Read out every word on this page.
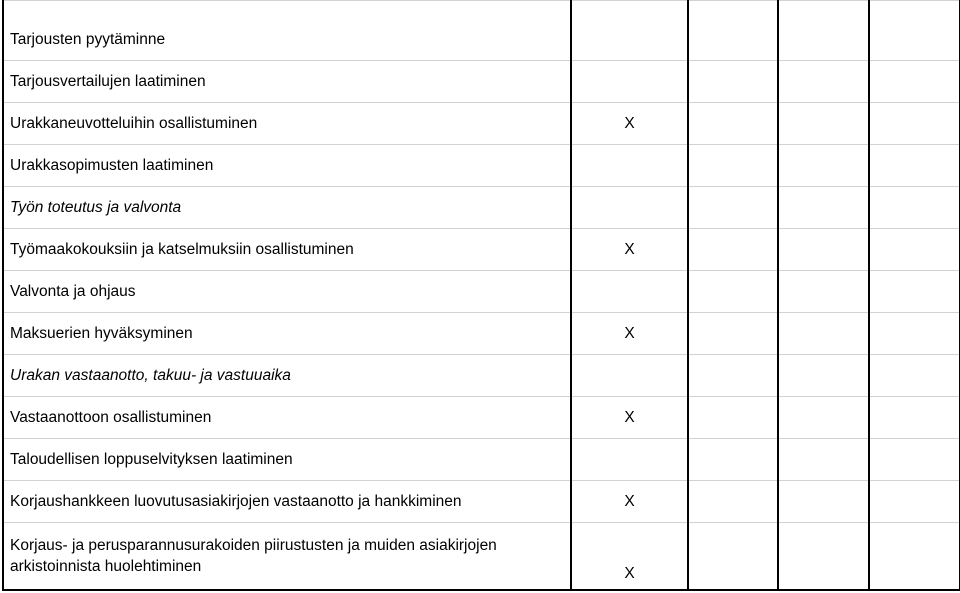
Tarjousten pyytäminne				
Tarjousvertailujen laatiminen				
Urakkaneuvotteluihin osallistuminen	X			
Urakkasopimusten laatiminen				
Työn toteutus ja valvonta				
Työmaakokouksiin ja katselmuksiin osallistuminen	X			
Valvonta ja ohjaus				
Maksuerien hyväksyminen	X			
Urakan vastaanotto, takuu- ja vastuuaika				
Vastaanottoon osallistuminen	X			
Taloudellisen loppuselvityksen laatiminen				
Korjaushankkeen luovutusasiakirjojen vastaanotto ja hankkiminen	X			
Korjaus- ja perusparannusurakoiden piirustusten ja muiden asiakirjojen arkistoinnista huolehtiminen	X			
